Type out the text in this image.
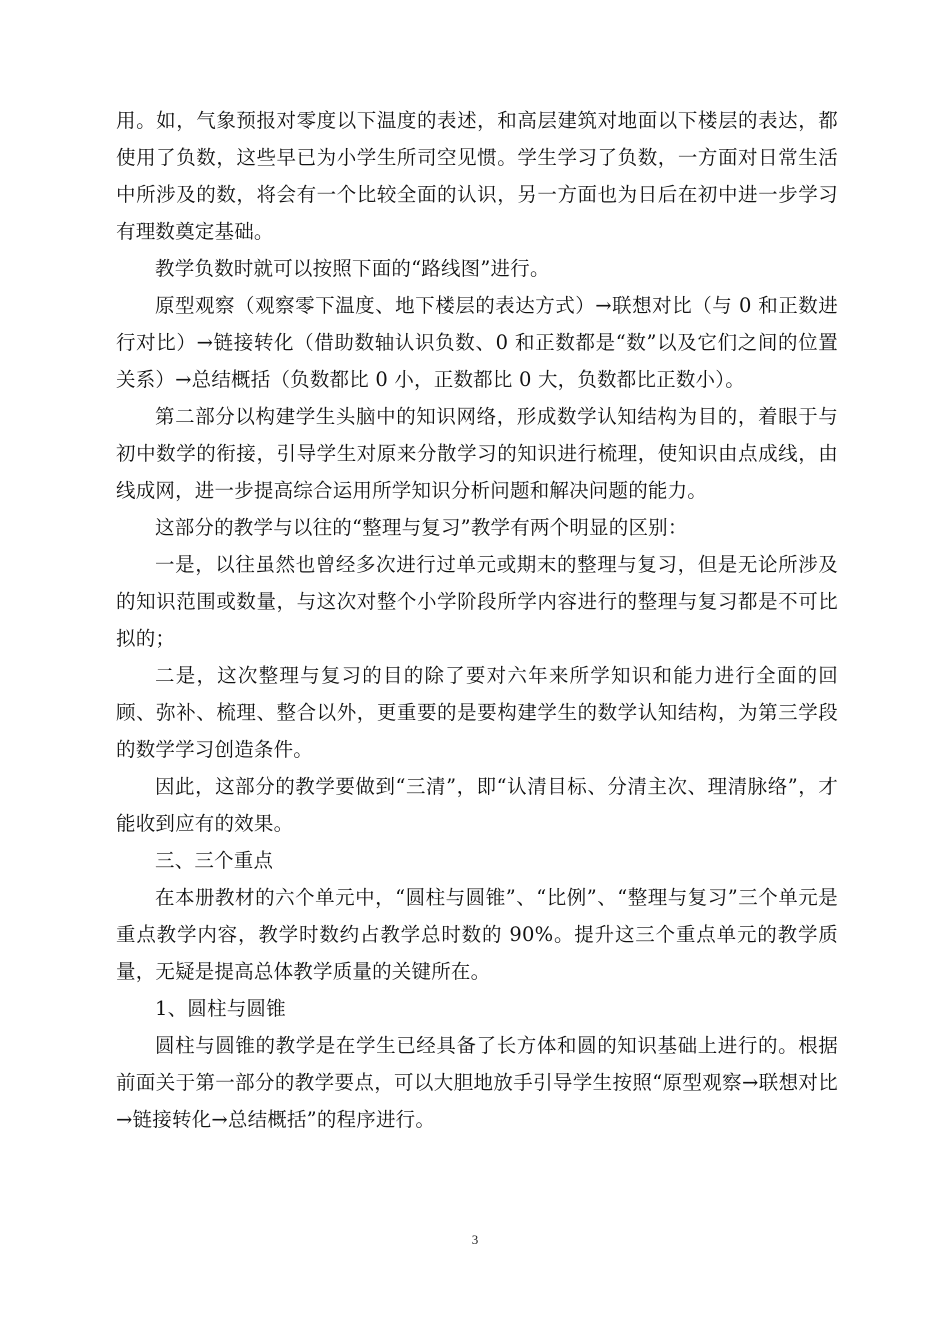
用。如，气象预报对零度以下温度的表述，和高层建筑对地面以下楼层的表达，都使用了负数，这些早已为小学生所司空见惯。学生学习了负数，一方面对日常生活中所涉及的数，将会有一个比较全面的认识，另一方面也为日后在初中进一步学习有理数奠定基础。

教学负数时就可以按照下面的“路线图”进行。

原型观察（观察零下温度、地下楼层的表达方式）→联想对比（与 0 和正数进行对比）→链接转化（借助数轴认识负数、0 和正数都是“数”以及它们之间的位置关系）→总结概括（负数都比 0 小，正数都比 0 大，负数都比正数小）。

第二部分以构建学生头脑中的知识网络，形成数学认知结构为目的，着眼于与初中数学的衔接，引导学生对原来分散学习的知识进行梳理，使知识由点成线，由线成网，进一步提高综合运用所学知识分析问题和解决问题的能力。

这部分的教学与以往的“整理与复习”教学有两个明显的区别：

一是，以往虽然也曾经多次进行过单元或期末的整理与复习，但是无论所涉及的知识范围或数量，与这次对整个小学阶段所学内容进行的整理与复习都是不可比拟的；

二是，这次整理与复习的目的除了要对六年来所学知识和能力进行全面的回顾、弥补、梳理、整合以外，更重要的是要构建学生的数学认知结构，为第三学段的数学学习创造条件。

因此，这部分的教学要做到“三清”，即“认清目标、分清主次、理清脉络”，才能收到应有的效果。

三、三个重点

在本册教材的六个单元中，“圆柱与圆锥”、“比例”、“整理与复习”三个单元是重点教学内容，教学时数约占教学总时数的 90%。提升这三个重点单元的教学质量，无疑是提高总体教学质量的关键所在。

1、圆柱与圆锥

圆柱与圆锥的教学是在学生已经具备了长方体和圆的知识基础上进行的。根据前面关于第一部分的教学要点，可以大胆地放手引导学生按照“原型观察→联想对比→链接转化→总结概括”的程序进行。

3
